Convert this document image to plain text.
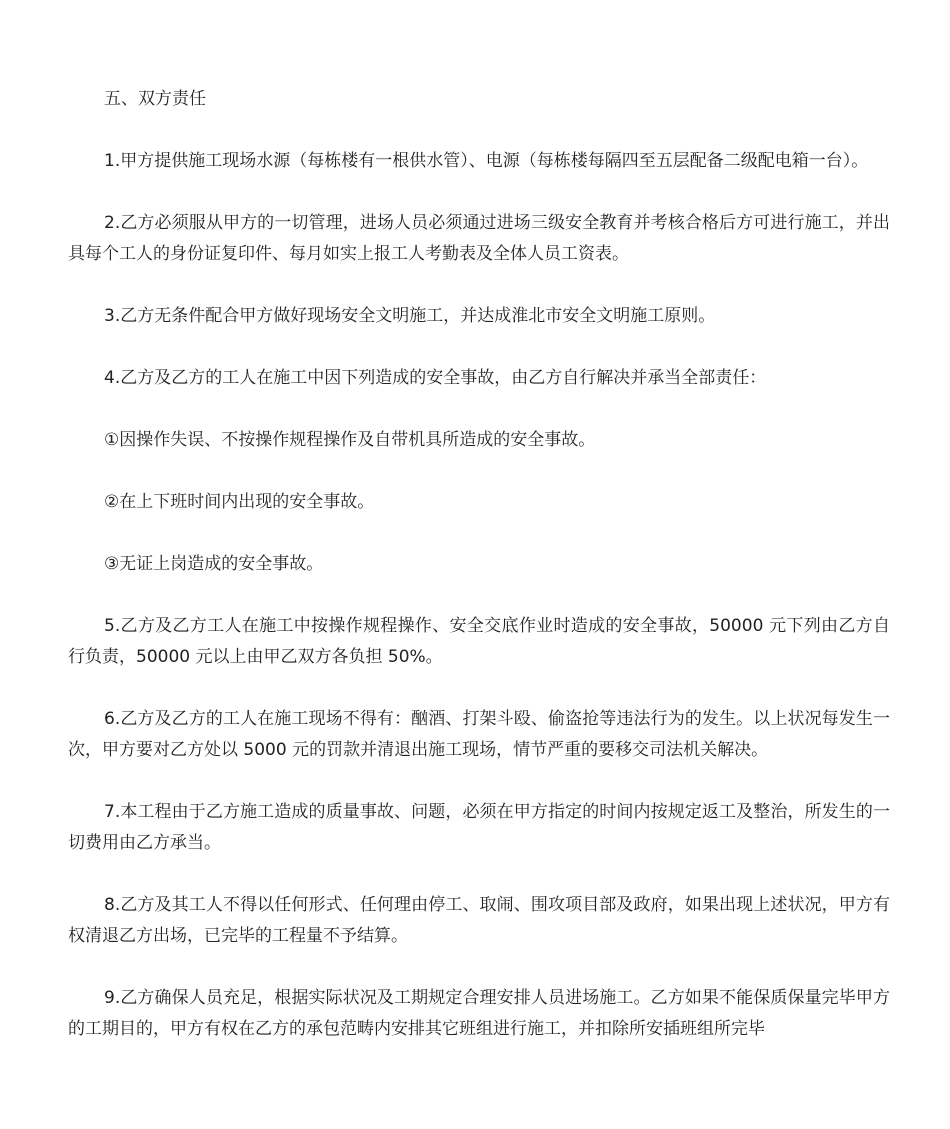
五、双方责任

1.甲方提供施工现场水源（每栋楼有一根供水管）、电源（每栋楼每隔四至五层配备二级配电箱一台）。

2.乙方必须服从甲方的一切管理，进场人员必须通过进场三级安全教育并考核合格后方可进行施工，并出具每个工人的身份证复印件、每月如实上报工人考勤表及全体人员工资表。

3.乙方无条件配合甲方做好现场安全文明施工，并达成淮北市安全文明施工原则。

4.乙方及乙方的工人在施工中因下列造成的安全事故，由乙方自行解决并承当全部责任：

①因操作失误、不按操作规程操作及自带机具所造成的安全事故。

②在上下班时间内出现的安全事故。

③无证上岗造成的安全事故。

5.乙方及乙方工人在施工中按操作规程操作、安全交底作业时造成的安全事故，50000 元下列由乙方自行负责，50000 元以上由甲乙双方各负担 50%。

6.乙方及乙方的工人在施工现场不得有：酗酒、打架斗殴、偷盗抢等违法行为的发生。以上状况每发生一次，甲方要对乙方处以 5000 元的罚款并清退出施工现场，情节严重的要移交司法机关解决。

7.本工程由于乙方施工造成的质量事故、问题，必须在甲方指定的时间内按规定返工及整治，所发生的一切费用由乙方承当。

8.乙方及其工人不得以任何形式、任何理由停工、取闹、围攻项目部及政府，如果出现上述状况，甲方有权清退乙方出场，已完毕的工程量不予结算。

9.乙方确保人员充足，根据实际状况及工期规定合理安排人员进场施工。乙方如果不能保质保量完毕甲方的工期目的，甲方有权在乙方的承包范畴内安排其它班组进行施工，并扣除所安插班组所完毕
